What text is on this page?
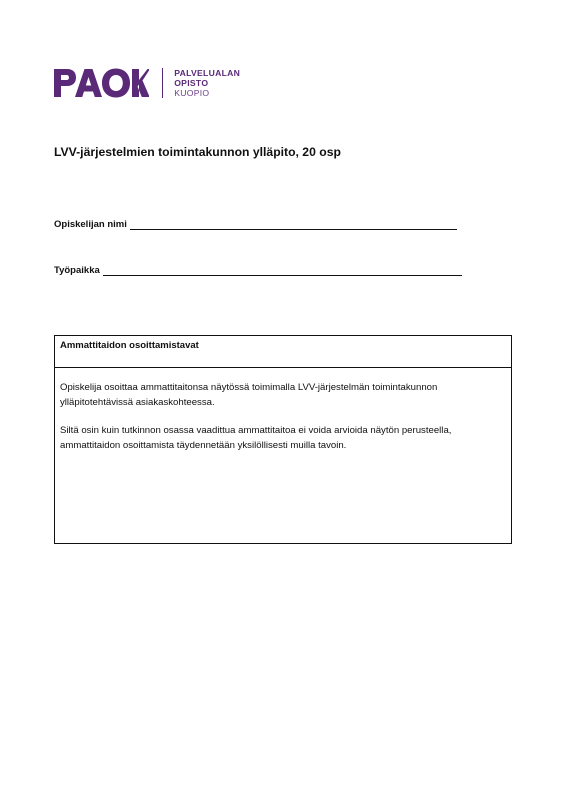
PALVELUALAN
OPISTO
KUOPIO
LVV-järjestelmien toimintakunnon ylläpito, 20 osp
Opiskelijan nimi
Työpaikka
Ammattitaidon osoittamistavat

Opiskelija osoittaa ammattitaitonsa näytössä toimimalla LVV-järjestelmän toimintakunnon ylläpitotehtävissä asiakaskohteessa.

Siltä osin kuin tutkinnon osassa vaadittua ammattitaitoa ei voida arvioida näytön perusteella, ammattitaidon osoittamista täydennetään yksilöllisesti muilla tavoin.
